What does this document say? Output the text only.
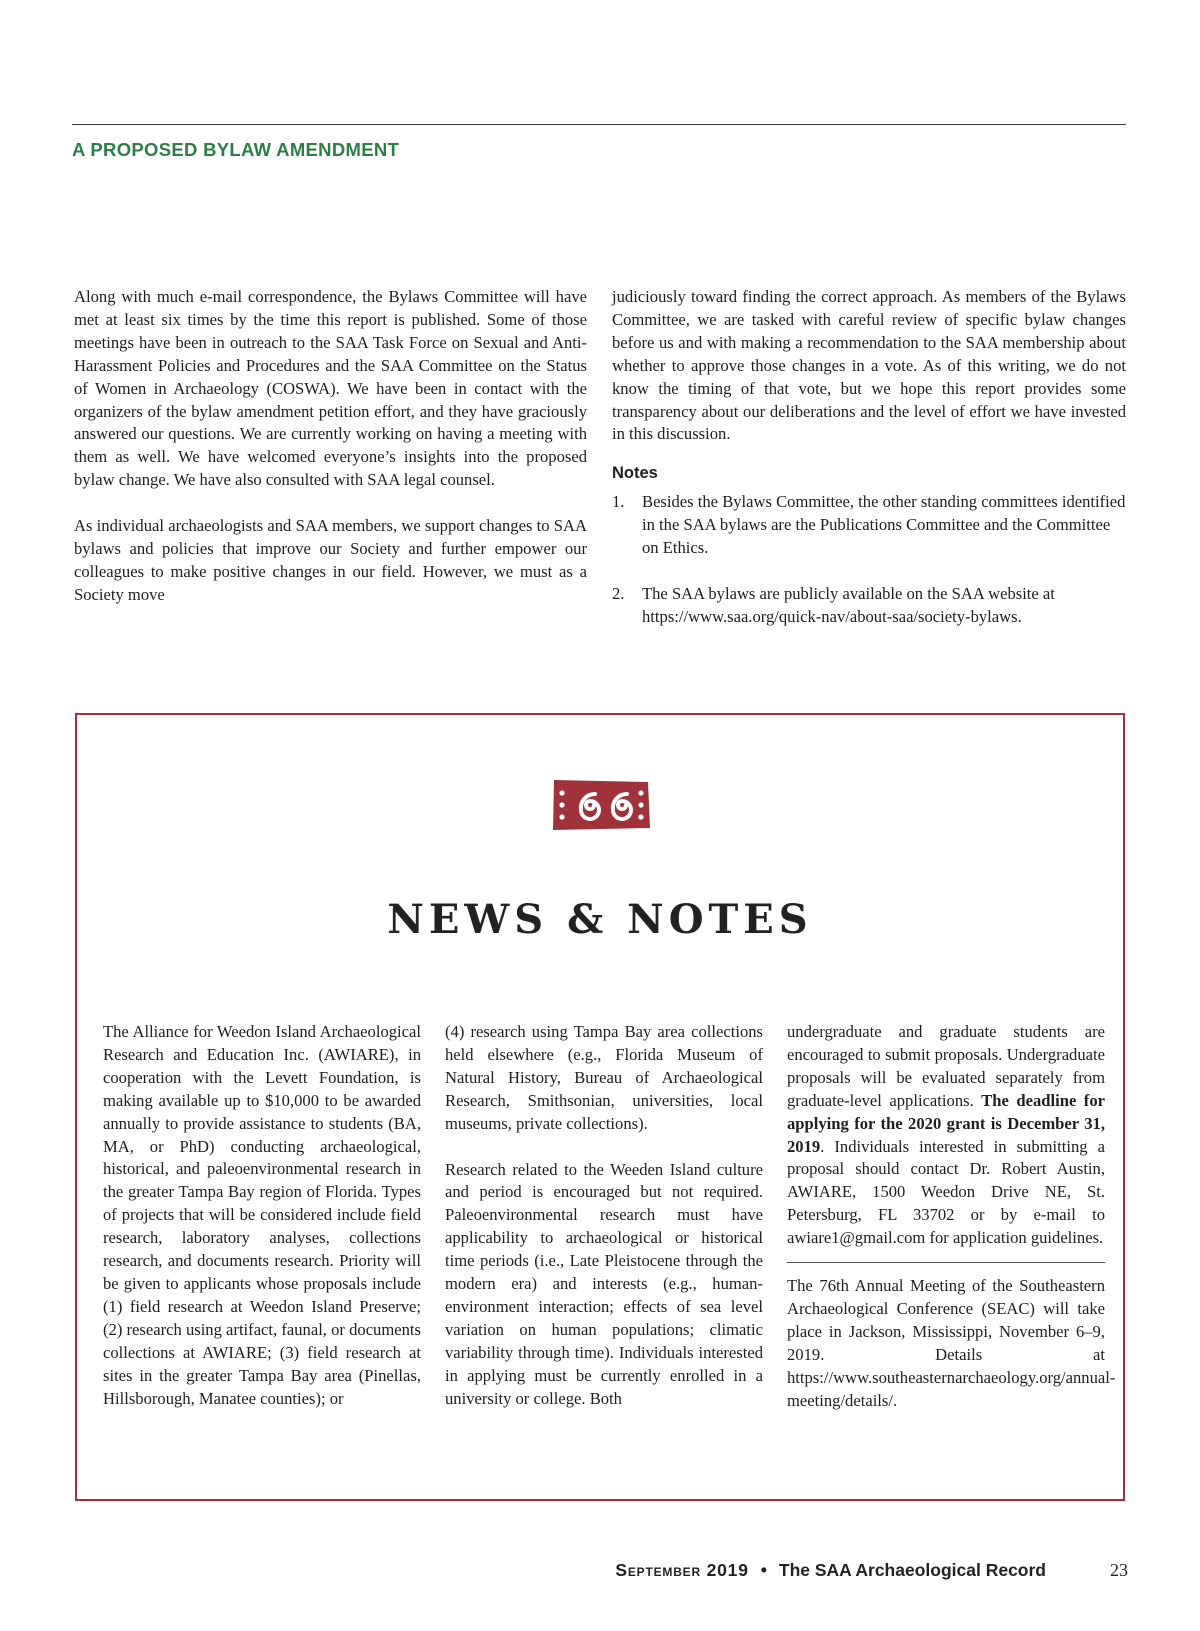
A PROPOSED BYLAW AMENDMENT

Along with much e-mail correspondence, the Bylaws Committee will have met at least six times by the time this report is published. Some of those meetings have been in outreach to the SAA Task Force on Sexual and Anti-Harassment Policies and Procedures and the SAA Committee on the Status of Women in Archaeology (COSWA). We have been in contact with the organizers of the bylaw amendment petition effort, and they have graciously answered our questions. We are currently working on having a meeting with them as well. We have welcomed everyone’s insights into the proposed bylaw change. We have also consulted with SAA legal counsel.

As individual archaeologists and SAA members, we support changes to SAA bylaws and policies that improve our Society and further empower our colleagues to make positive changes in our field. However, we must as a Society move

judiciously toward finding the correct approach. As members of the Bylaws Committee, we are tasked with careful review of specific bylaw changes before us and with making a recommendation to the SAA membership about whether to approve those changes in a vote. As of this writing, we do not know the timing of that vote, but we hope this report provides some transparency about our deliberations and the level of effort we have invested in this discussion.

Notes
1.	Besides the Bylaws Committee, the other standing committees identified in the SAA bylaws are the Publications Committee and the Committee on Ethics.
2.	The SAA bylaws are publicly available on the SAA website at https://www.saa.org/quick-nav/about-saa/society-bylaws.
NEWS & NOTES

The Alliance for Weedon Island Archaeological Research and Education Inc. (AWIARE), in cooperation with the Levett Foundation, is making available up to $10,000 to be awarded annually to provide assistance to students (BA, MA, or PhD) conducting archaeological, historical, and paleoenvironmental research in the greater Tampa Bay region of Florida. Types of projects that will be considered include field research, laboratory analyses, collections research, and documents research. Priority will be given to applicants whose proposals include (1) field research at Weedon Island Preserve; (2) research using artifact, faunal, or documents collections at AWIARE; (3) field research at sites in the greater Tampa Bay area (Pinellas, Hillsborough, Manatee counties); or

(4) research using Tampa Bay area collections held elsewhere (e.g., Florida Museum of Natural History, Bureau of Archaeological Research, Smithsonian, universities, local museums, private collections).

Research related to the Weeden Island culture and period is encouraged but not required. Paleoenvironmental research must have applicability to archaeological or historical time periods (i.e., Late Pleistocene through the modern era) and interests (e.g., human-environment interaction; effects of sea level variation on human populations; climatic variability through time). Individuals interested in applying must be currently enrolled in a university or college. Both

undergraduate and graduate students are encouraged to submit proposals. Undergraduate proposals will be evaluated separately from graduate-level applications. The deadline for applying for the 2020 grant is December 31, 2019. Individuals interested in submitting a proposal should contact Dr. Robert Austin, AWIARE, 1500 Weedon Drive NE, St. Petersburg, FL 33702 or by e-mail to awiare1@gmail.com for application guidelines.

The 76th Annual Meeting of the Southeastern Archaeological Conference (SEAC) will take place in Jackson, Mississippi, November 6–9, 2019. Details at https://www.southeasternarchaeology.org/annual-meeting/details/.

September 2019 • The SAA Archaeological Record	23
